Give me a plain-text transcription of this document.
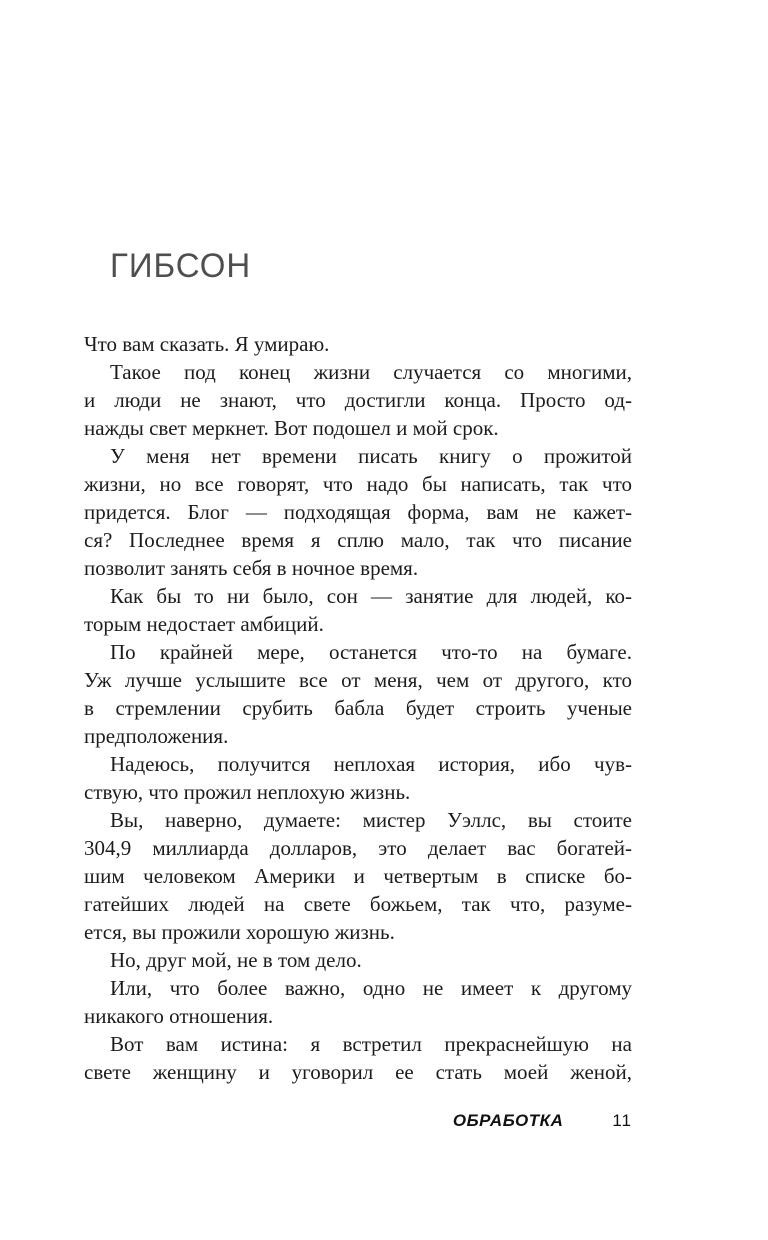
ГИБСОН

Что вам сказать. Я умираю.

Такое под конец жизни случается со многими,
и люди не знают, что достигли конца. Просто од-
нажды свет меркнет. Вот подошел и мой срок.

У меня нет времени писать книгу о прожитой
жизни, но все говорят, что надо бы написать, так что
придется. Блог — подходящая форма, вам не кажет-
ся? Последнее время я сплю мало, так что писание
позволит занять себя в ночное время.

Как бы то ни было, сон — занятие для людей, ко-
торым недостает амбиций.

По крайней мере, останется что-то на бумаге.
Уж лучше услышите все от меня, чем от другого, кто
в стремлении срубить бабла будет строить ученые
предположения.

Надеюсь, получится неплохая история, ибо чув-
ствую, что прожил неплохую жизнь.

Вы, наверно, думаете: мистер Уэллс, вы стоите
304,9 миллиарда долларов, это делает вас богатей-
шим человеком Америки и четвертым в списке бо-
гатейших людей на свете божьем, так что, разуме-
ется, вы прожили хорошую жизнь.

Но, друг мой, не в том дело.

Или, что более важно, одно не имеет к другому
никакого отношения.

Вот вам истина: я встретил прекраснейшую на
свете женщину и уговорил ее стать моей женой,

ОБРАБОТКА	11
